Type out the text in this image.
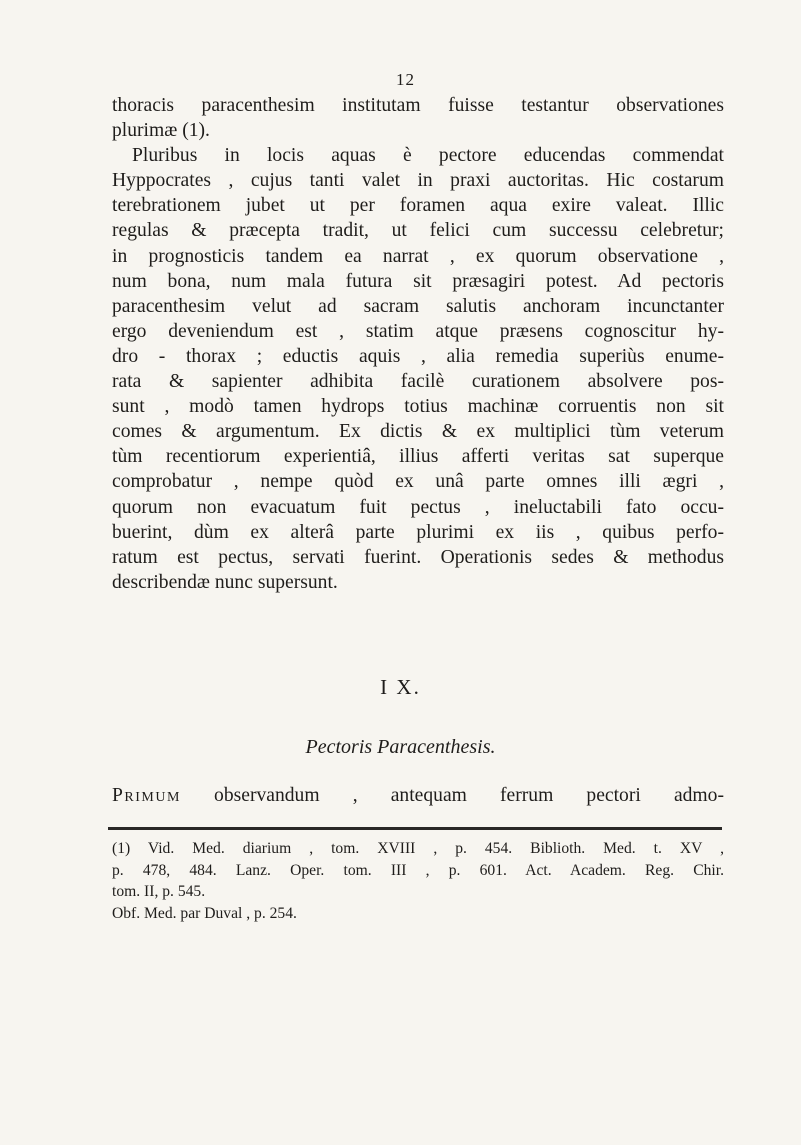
12
thoracis paracenthesim institutam fuisse testantur observationes
plurimæ (1).
Pluribus in locis aquas è pectore educendas commendat
Hyppocrates , cujus tanti valet in praxi auctoritas. Hic costarum
terebrationem jubet ut per foramen aqua exire valeat. Illic
regulas & præcepta tradit, ut felici cum successu celebretur;
in prognosticis tandem ea narrat , ex quorum observatione ,
num bona, num mala futura sit præsagiri potest. Ad pectoris
paracenthesim velut ad sacram salutis anchoram incunctanter
ergo deveniendum est , statim atque præsens cognoscitur hy-
dro - thorax ; eductis aquis , alia remedia superiùs enume-
rata & sapienter adhibita facilè curationem absolvere pos-
sunt , modò tamen hydrops totius machinæ corruentis non sit
comes & argumentum. Ex dictis & ex multiplici tùm veterum
tùm recentiorum experientiâ, illius afferti veritas sat superque
comprobatur , nempe quòd ex unâ parte omnes illi ægri ,
quorum non evacuatum fuit pectus , ineluctabili fato occu-
buerint, dùm ex alterâ parte plurimi ex iis , quibus perfo-
ratum est pectus, servati fuerint. Operationis sedes & methodus
describendæ nunc supersunt.
I X.
Pectoris Paracenthesis.
Primum observandum , antequam ferrum pectori admo-
(1) Vid. Med. diarium , tom. XVIII , p. 454. Biblioth. Med. t. XV ,
p. 478, 484. Lanz. Oper. tom. III , p. 601. Act. Academ. Reg. Chir.
tom. II, p. 545.
Obf. Med. par Duval , p. 254.
